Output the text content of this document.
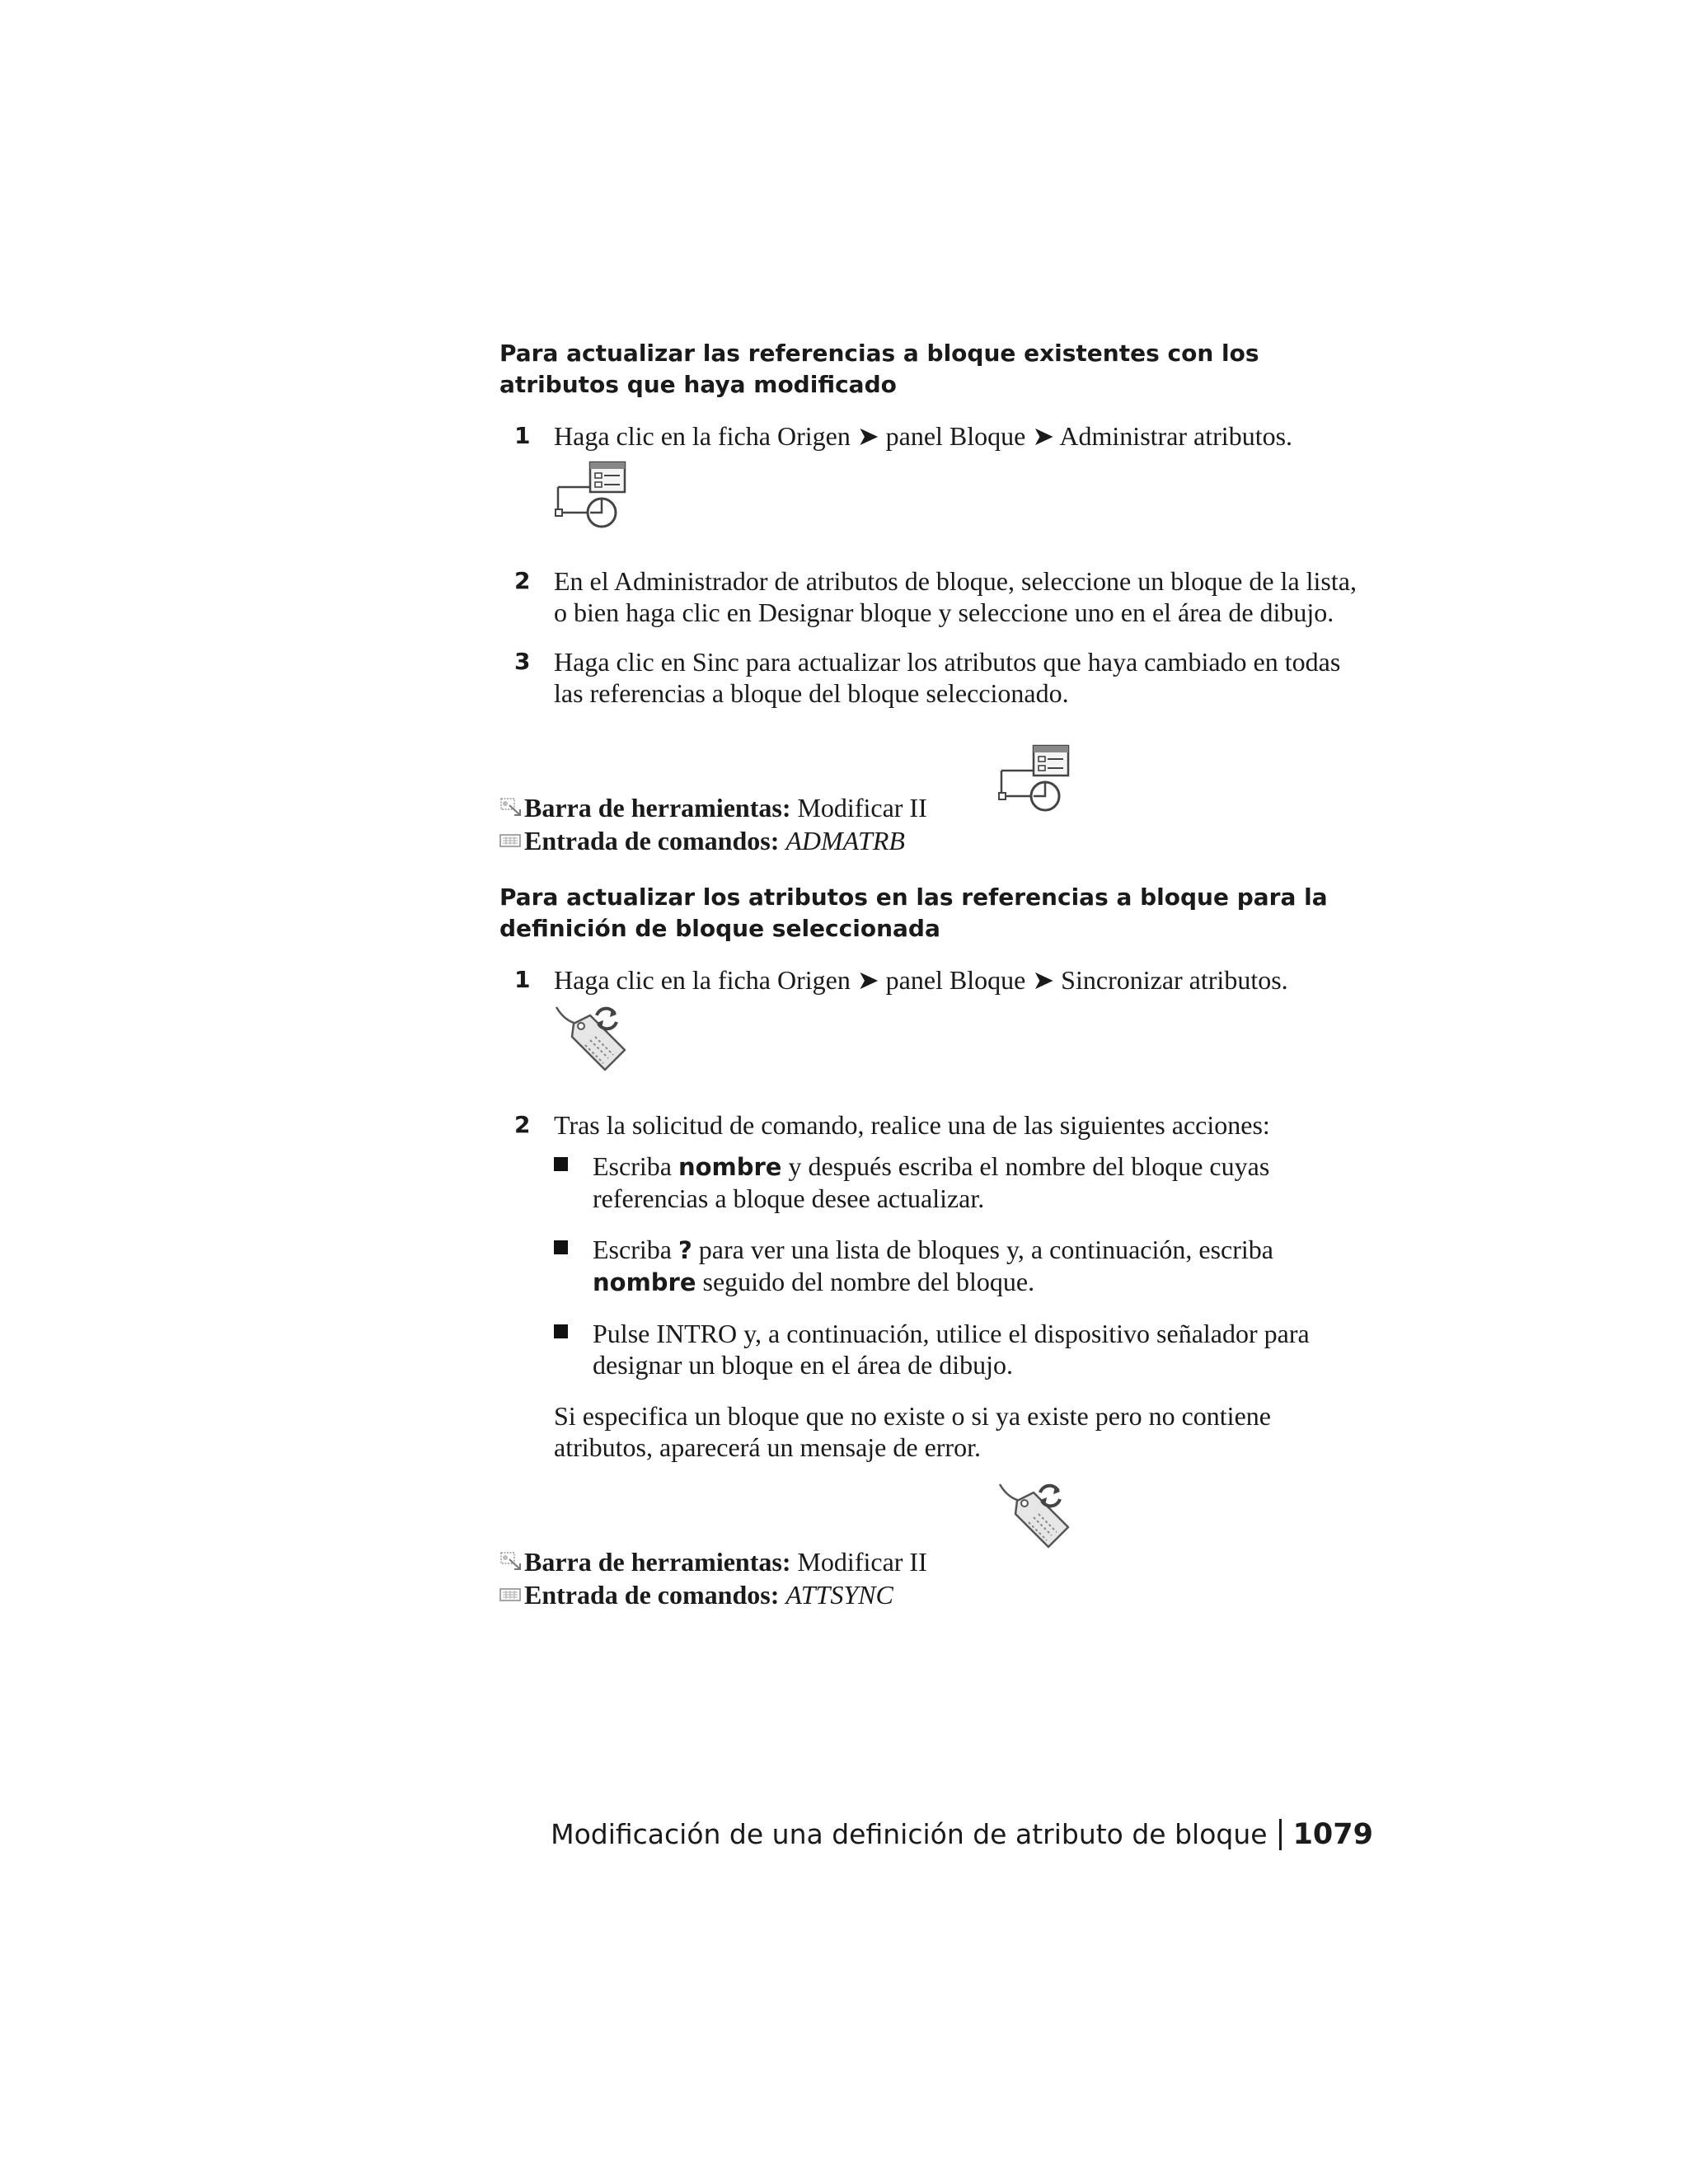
Para actualizar las referencias a bloque existentes con los atributos que haya modificado

1 Haga clic en la ficha Origen ➤ panel Bloque ➤ Administrar atributos.
2 En el Administrador de atributos de bloque, seleccione un bloque de la lista, o bien haga clic en Designar bloque y seleccione uno en el área de dibujo.
3 Haga clic en Sinc para actualizar los atributos que haya cambiado en todas las referencias a bloque del bloque seleccionado.
Barra de herramientas:
Modificar II
Entrada de comandos:
ADMATRB

Para actualizar los atributos en las referencias a bloque para la definición de bloque seleccionada

1 Haga clic en la ficha Origen ➤ panel Bloque ➤ Sincronizar atributos.
2 Tras la solicitud de comando, realice una de las siguientes acciones:
Escriba nombre y después escriba el nombre del bloque cuyas referencias a bloque desee actualizar.
Escriba ? para ver una lista de bloques y, a continuación, escriba nombre seguido del nombre del bloque.
Pulse INTRO y, a continuación, utilice el dispositivo señalador para designar un bloque en el área de dibujo.
Si especifica un bloque que no existe o si ya existe pero no contiene atributos, aparecerá un mensaje de error.
Barra de herramientas:
Modificar II
Entrada de comandos:
ATTSYNC
Modificación de una definición de atributo de bloque 1079
